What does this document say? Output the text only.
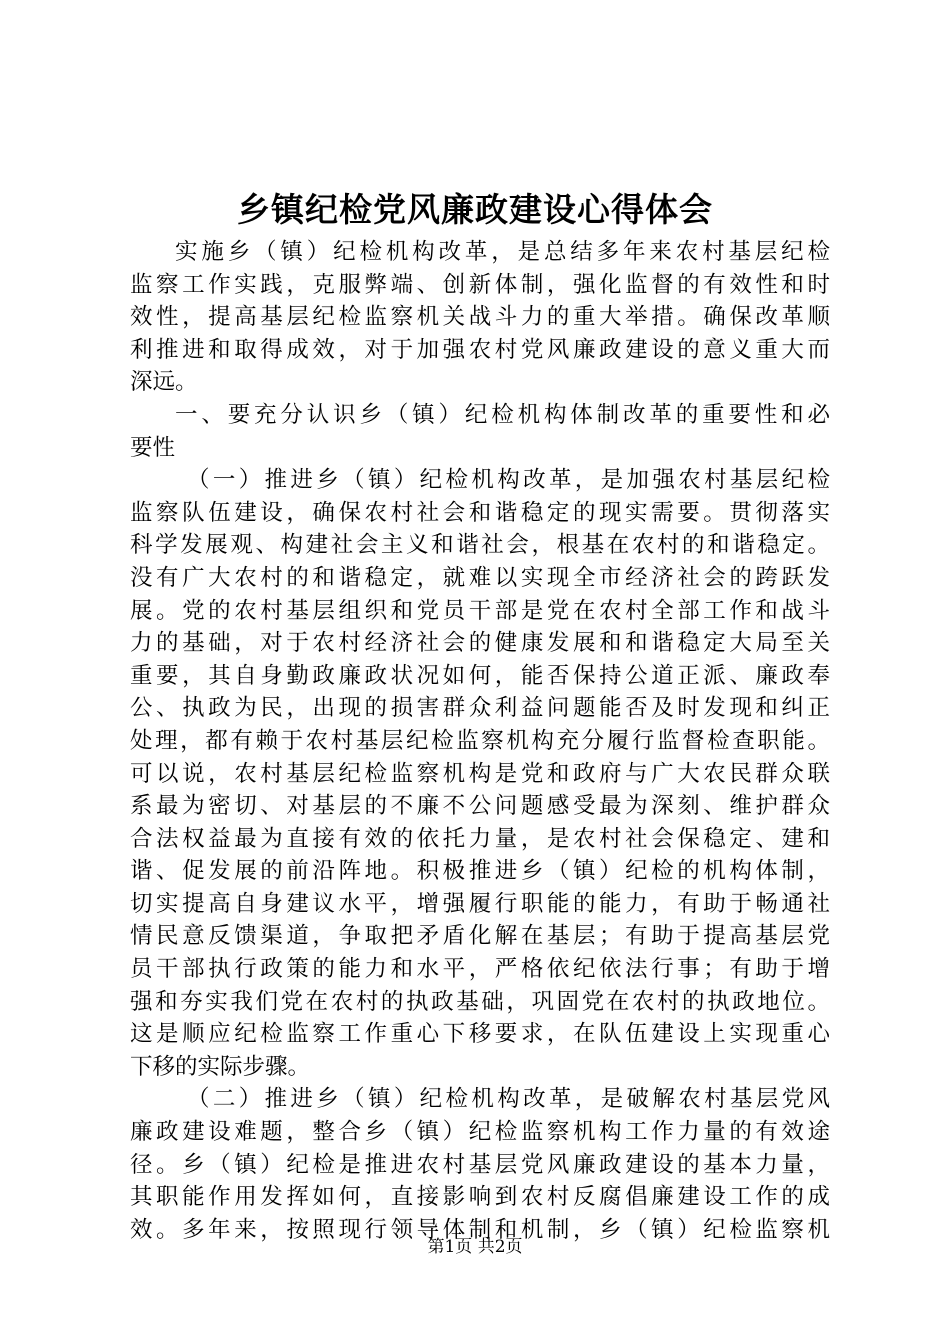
乡镇纪检党风廉政建设心得体会
实施乡（镇）纪检机构改革，是总结多年来农村基层纪检
监察工作实践，克服弊端、创新体制，强化监督的有效性和时
效性，提高基层纪检监察机关战斗力的重大举措。确保改革顺
利推进和取得成效，对于加强农村党风廉政建设的意义重大而
深远。
一、要充分认识乡（镇）纪检机构体制改革的重要性和必
要性
（一）推进乡（镇）纪检机构改革，是加强农村基层纪检
监察队伍建设，确保农村社会和谐稳定的现实需要。贯彻落实
科学发展观、构建社会主义和谐社会，根基在农村的和谐稳定。
没有广大农村的和谐稳定，就难以实现全市经济社会的跨跃发
展。党的农村基层组织和党员干部是党在农村全部工作和战斗
力的基础，对于农村经济社会的健康发展和和谐稳定大局至关
重要，其自身勤政廉政状况如何，能否保持公道正派、廉政奉
公、执政为民，出现的损害群众利益问题能否及时发现和纠正
处理，都有赖于农村基层纪检监察机构充分履行监督检查职能。
可以说，农村基层纪检监察机构是党和政府与广大农民群众联
系最为密切、对基层的不廉不公问题感受最为深刻、维护群众
合法权益最为直接有效的依托力量，是农村社会保稳定、建和
谐、促发展的前沿阵地。积极推进乡（镇）纪检的机构体制，
切实提高自身建议水平，增强履行职能的能力，有助于畅通社
情民意反馈渠道，争取把矛盾化解在基层；有助于提高基层党
员干部执行政策的能力和水平，严格依纪依法行事；有助于增
强和夯实我们党在农村的执政基础，巩固党在农村的执政地位。
这是顺应纪检监察工作重心下移要求，在队伍建设上实现重心
下移的实际步骤。
（二）推进乡（镇）纪检机构改革，是破解农村基层党风
廉政建设难题，整合乡（镇）纪检监察机构工作力量的有效途
径。乡（镇）纪检是推进农村基层党风廉政建设的基本力量，
其职能作用发挥如何，直接影响到农村反腐倡廉建设工作的成
效。多年来，按照现行领导体制和机制，乡（镇）纪检监察机
第1页 共2页
